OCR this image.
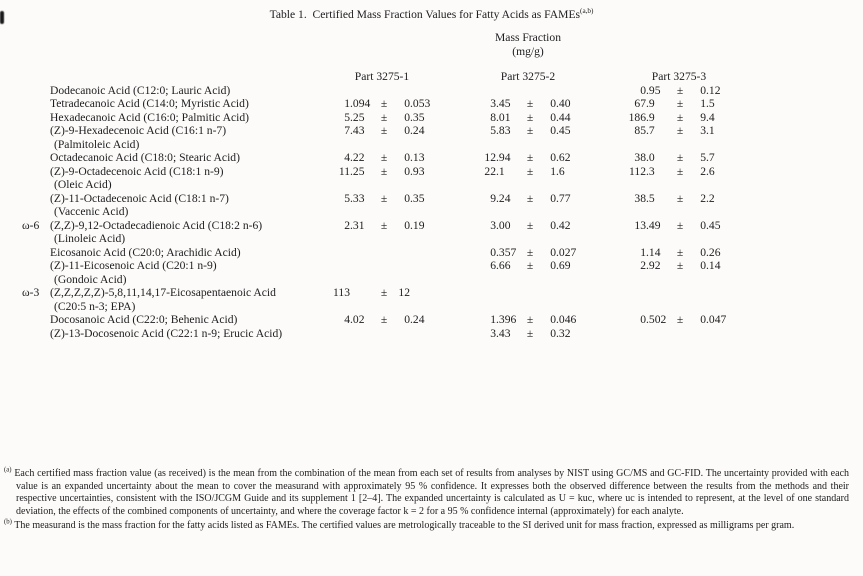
Table 1.  Certified Mass Fraction Values for Fatty Acids as FAMEs$^{(a,b)}$

						Mass Fraction
(mg/g)						

		Part 3275-1				Part 3275-2				Part 3275-3		

	Dodecanoic Acid (C12:0; Lauric Acid)									0.95	±	0.12

	Tetradecanoic Acid (C14:0; Myristic Acid)	1.094	±	0.053		3.45	±	0.40		67.9	±	1.5

	Hexadecanoic Acid (C16:0; Palmitic Acid)	5.25	±	0.35		8.01	±	0.44		186.9	±	9.4

	(Z)-9-Hexadecenoic Acid (C16:1 n-7)
(Palmitoleic Acid)	7.43	±	0.24		5.83	±	0.45		85.7	±	3.1

	Octadecanoic Acid (C18:0; Stearic Acid)	4.22	±	0.13		12.94	±	0.62		38.0	±	5.7

	(Z)-9-Octadecenoic Acid (C18:1 n-9)
(Oleic Acid)	11.25	±	0.93		22.1	±	1.6		112.3	±	2.6

	(Z)-11-Octadecenoic Acid (C18:1 n-7)
(Vaccenic Acid)	5.33	±	0.35		9.24	±	0.77		38.5	±	2.2
ω-6	(Z,Z)-9,12-Octadecadienoic Acid (C18:2 n-6)
(Linoleic Acid)	2.31	±	0.19		3.00	±	0.42		13.49	±	0.45

	Eicosanoic Acid (C20:0; Arachidic Acid)					0.357	±	0.027		1.14	±	0.26

	(Z)-11-Eicosenoic Acid (C20:1 n-9)
(Gondoic Acid)					6.66	±	0.69		2.92	±	0.14
ω-3	(Z,Z,Z,Z,Z)-5,8,11,14,17-Eicosapentaenoic Acid
(C20:5 n-3; EPA)	113	±	12								

	Docosanoic Acid (C22:0; Behenic Acid)	4.02	±	0.24		1.396	±	0.046		0.502	±	0.047

	(Z)-13-Docosenoic Acid (C22:1 n-9; Erucic Acid)					3.43	±	0.32				
$^{(a)}$ Each certified mass fraction value (as received) is the mean from the combination of the mean from each set of results from analyses by NIST using GC/MS and GC-FID. The uncertainty provided with each value is an expanded uncertainty about the mean to cover the measurand with approximately 95 % confidence. It expresses both the observed difference between the results from the methods and their respective uncertainties, consistent with the ISO/JCGM Guide and its supplement 1 [2–4]. The expanded uncertainty is calculated as U = kuc, where uc is intended to represent, at the level of one standard deviation, the effects of the combined components of uncertainty, and where the coverage factor k = 2 for a 95 % confidence internal (approximately) for each analyte.
$^{(b)}$ The measurand is the mass fraction for the fatty acids listed as FAMEs. The certified values are metrologically traceable to the SI derived unit for mass fraction, expressed as milligrams per gram.
